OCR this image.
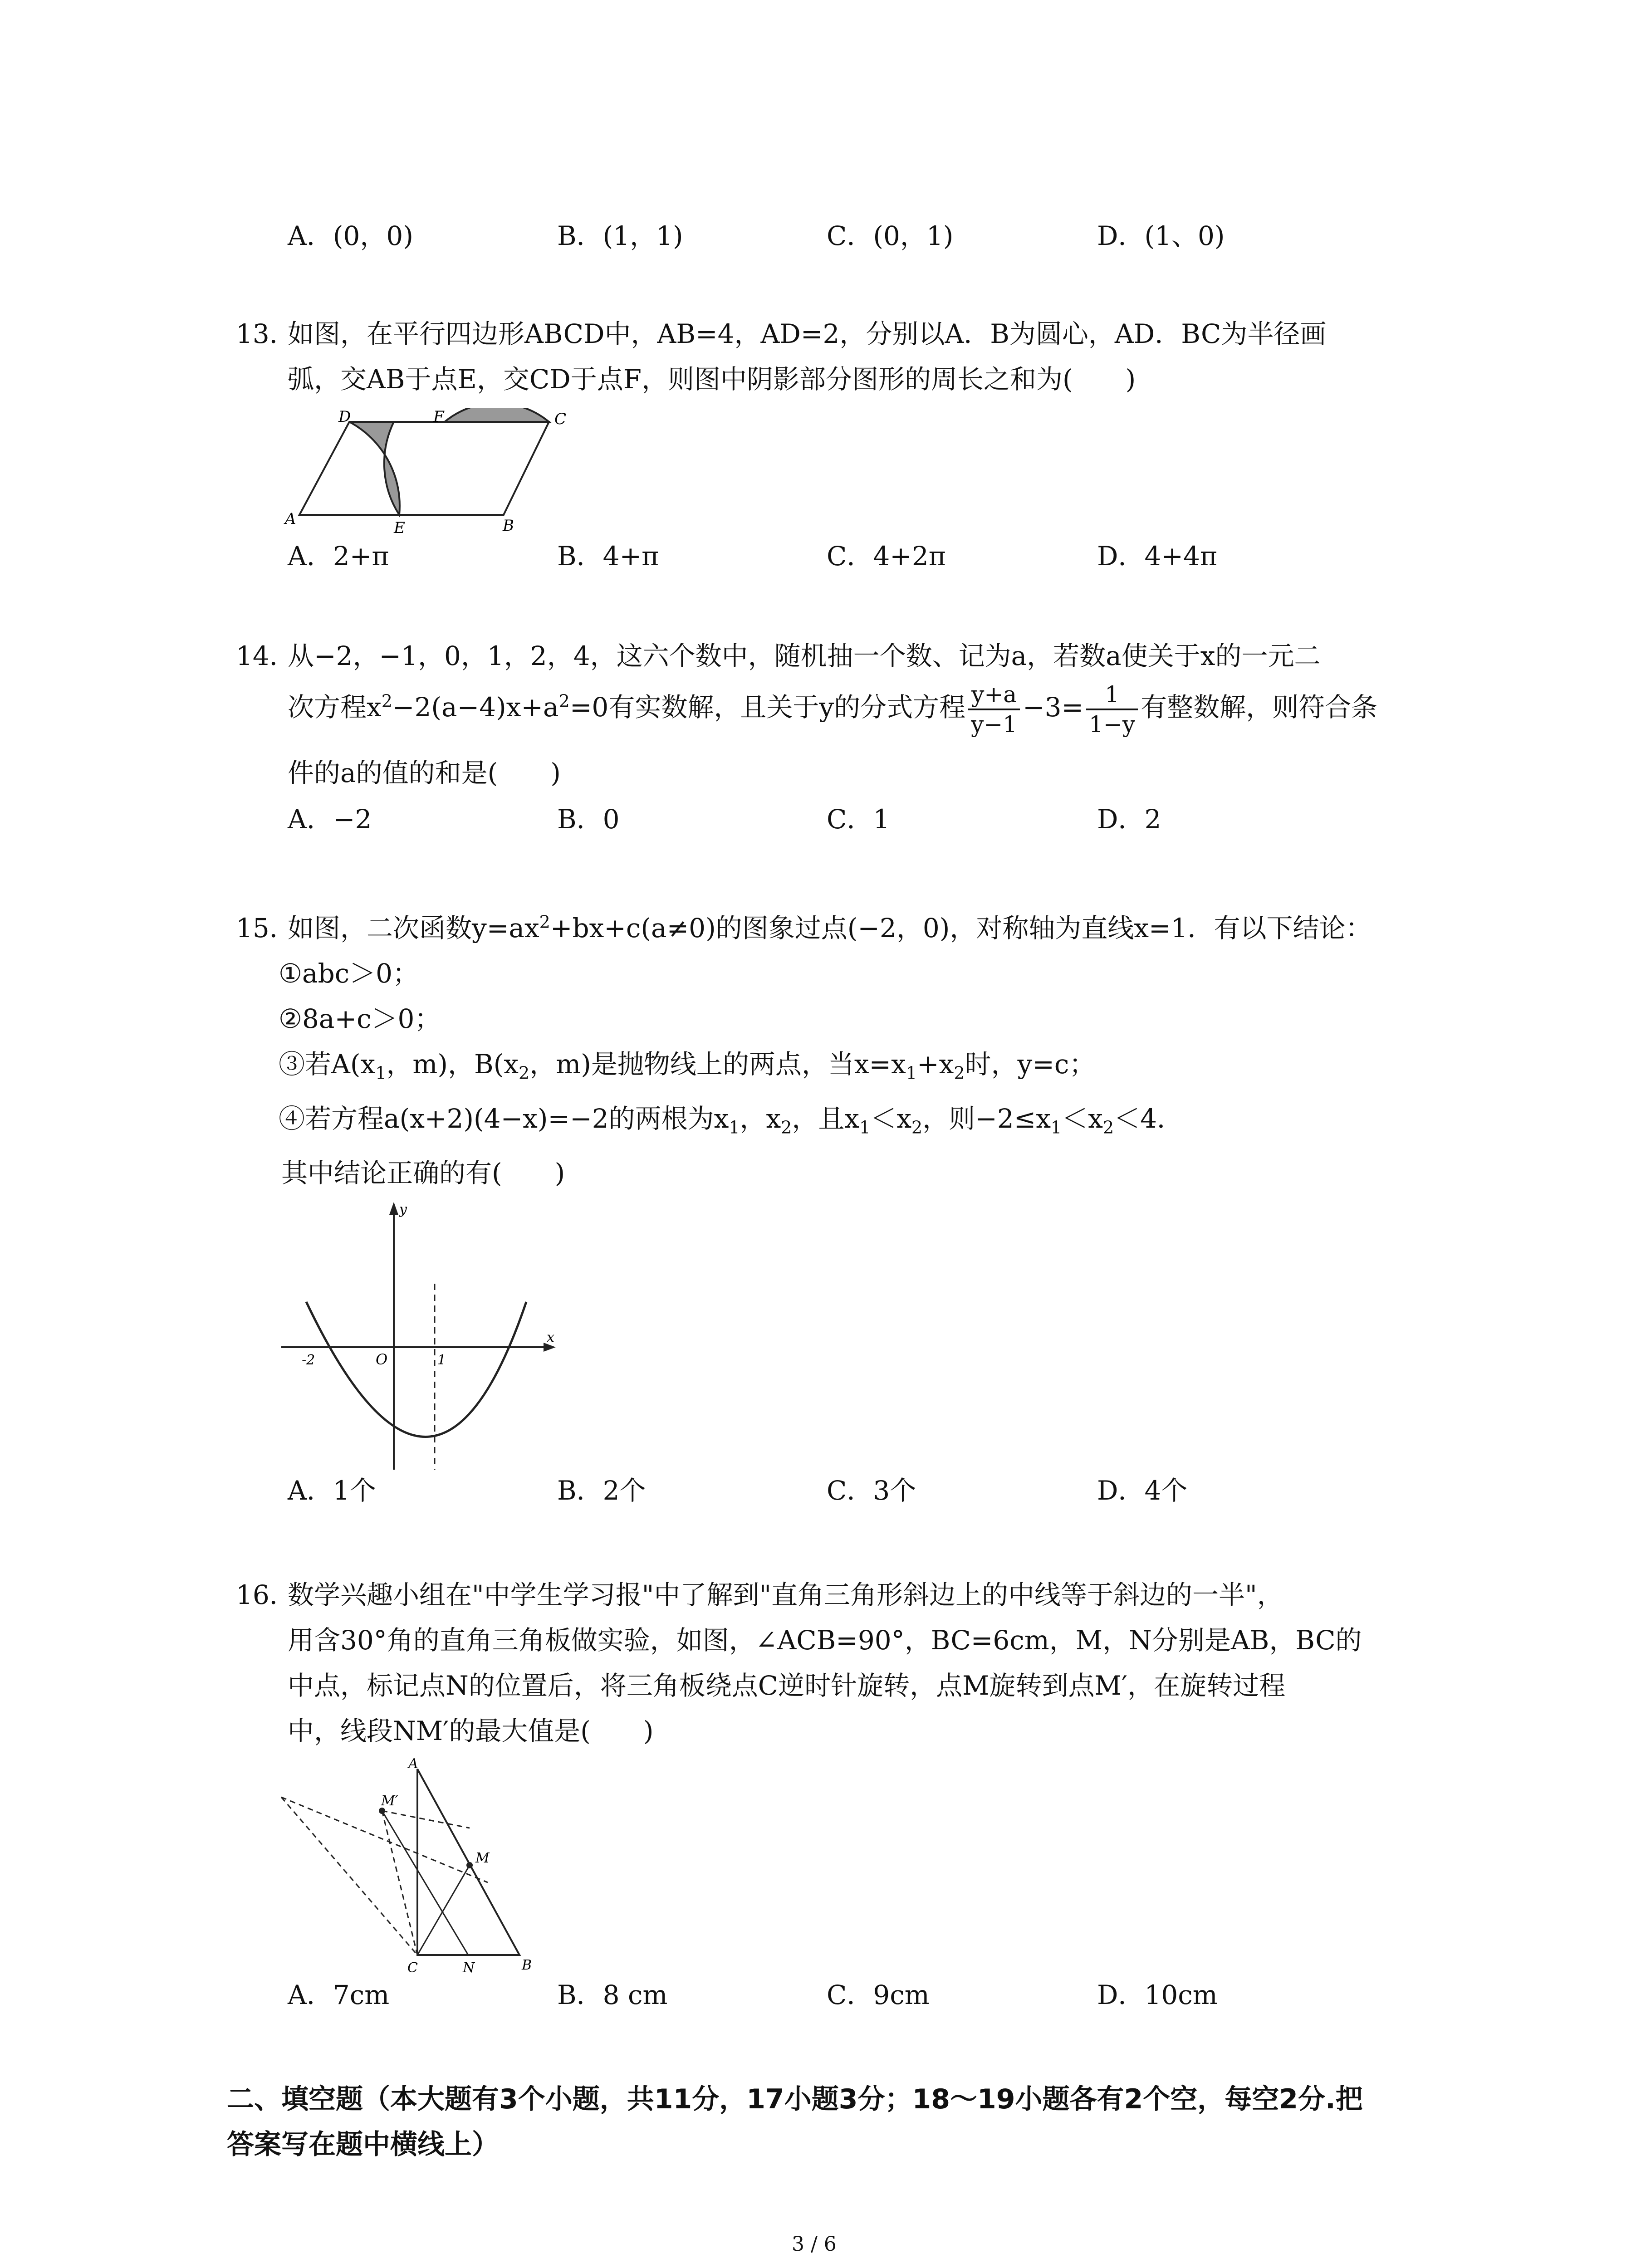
A．(0，0)	B．(1，1)	C．(0，1)	D．(1、0)
13．
如图，在平行四边形ABCD中，AB=4，AD=2，分别以A．B为圆心，AD．BC为半径画
弧，交AB于点E，交CD于点F，则图中阴影部分图形的周长之和为(　　)
A	B
C
D
E
F
A．2+π	B．4+π	C．4+2π	D．4+4π
14．
从−2，−1，0，1，2，4，这六个数中，随机抽一个数、记为a，若数a使关于x的一元二
次方程$x^2-2(a-4)x+a^2=0$有实数解，且关于y的分式方程 $\frac{y+a}{y-1} -3= \frac{1}{1-y}$ 有整数解，则符合条
件的a的值的和是(　　)
A．−2	B．0	C．1	D．2
15．
如图，二次函数$y=ax^2+bx+c(a\ne 0)$的图象过点(−2，0)，对称轴为直线x=1．有以下结论：
①abc＞0；
②8a+c＞0；
③若$A(x_1$，m)，$B(x_2$，m)是抛物线上的两点，当$x=x_1+x_2$时，y=c；
④若方程a(x+2)(4−x)=−2的两根为$x_1$，$x_2$，且$x_1<x_2$，则$-2\le x_1<x_2<4$．
其中结论正确的有(　　)
y
x
O
-2	1
A．1个	B．2个	C．3个	D．4个
16．
数学兴趣小组在"中学生学习报"中了解到"直角三角形斜边上的中线等于斜边的一半"，
用含30°角的直角三角板做实验，如图，∠ACB=90°，BC=6cm，M，N分别是AB，BC的
中点，标记点N的位置后，将三角板绕点C逆时针旋转，点M旋转到点M′，在旋转过程
中，线段NM′的最大值是(　　)
A
B
C	N
M
M′
A．7cm	B．8 cm	C．9cm	D．10cm
二、填空题（本大题有3个小题，共11分，17小题3分；18～19小题各有2个空，每空2分.把
答案写在题中横线上）
3 / 6
